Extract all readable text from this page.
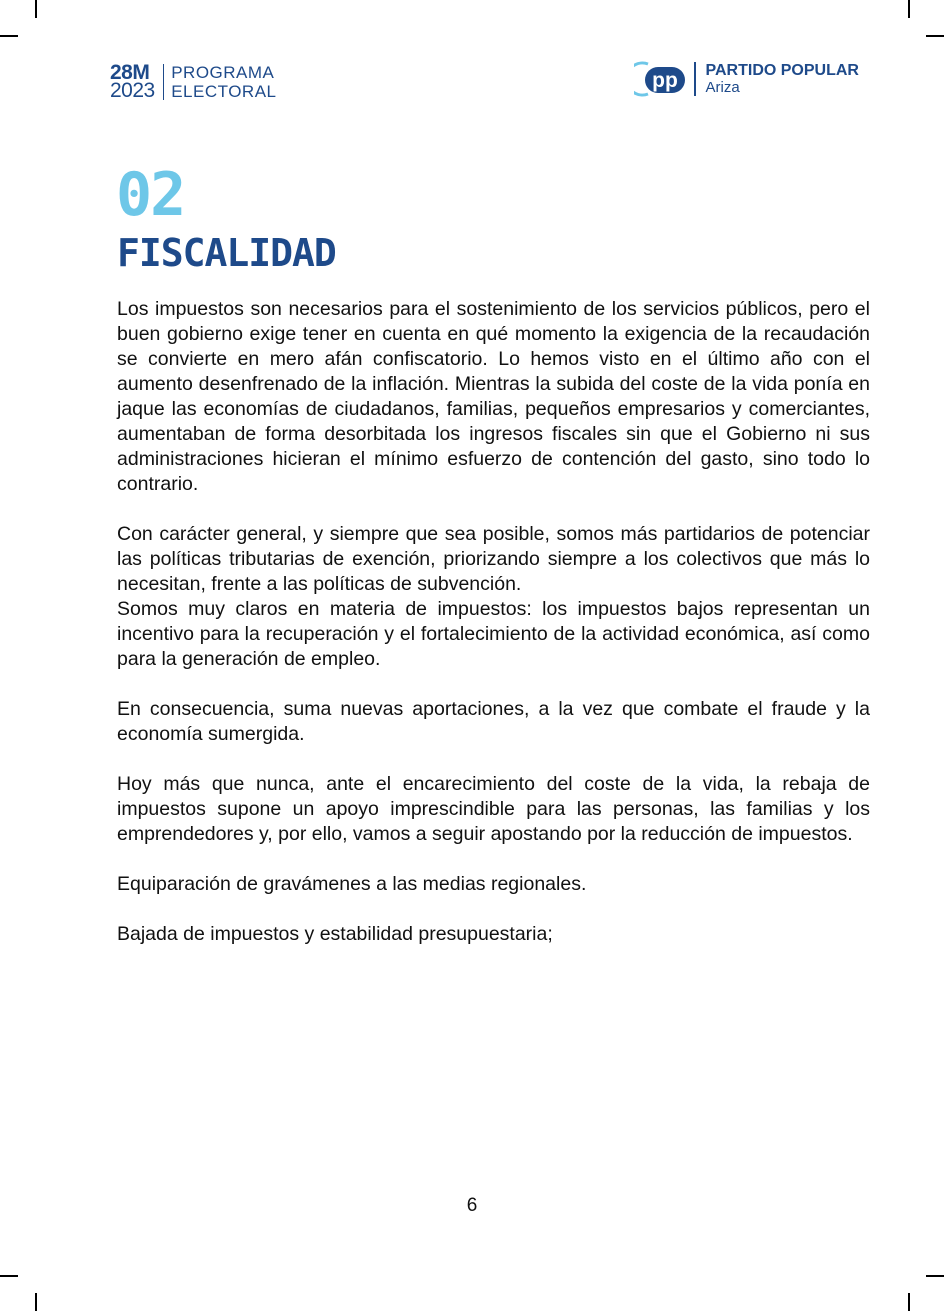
28M
2023
PROGRAMA
ELECTORAL	pp PARTIDO POPULAR
Ariza
02
FISCALIDAD

Los impuestos son necesarios para el sostenimiento de los servicios públicos, pero el buen gobierno exige tener en cuenta en qué momento la exigencia de la recaudación se convierte en mero afán confiscatorio. Lo hemos visto en el último año con el aumento desenfrenado de la inflación. Mientras la subida del coste de la vida ponía en jaque las economías de ciudadanos, familias, pequeños empresarios y comerciantes, aumentaban de forma desorbitada los ingresos fiscales sin que el Gobierno ni sus administraciones hicieran el mínimo esfuerzo de contención del gasto, sino todo lo contrario.

Con carácter general, y siempre que sea posible, somos más partidarios de potenciar las políticas tributarias de exención, priorizando siempre a los colectivos que más lo necesitan, frente a las políticas de subvención.

Somos muy claros en materia de impuestos: los impuestos bajos representan un incentivo para la recuperación y el fortalecimiento de la actividad económica, así como para la generación de empleo.

En consecuencia, suma nuevas aportaciones, a la vez que combate el fraude y la economía sumergida.

Hoy más que nunca, ante el encarecimiento del coste de la vida, la rebaja de impuestos supone un apoyo imprescindible para las personas, las familias y los emprendedores y, por ello, vamos a seguir apostando por la reducción de impuestos.

Equiparación de gravámenes a las medias regionales.

Bajada de impuestos y estabilidad presupuestaria;

6
